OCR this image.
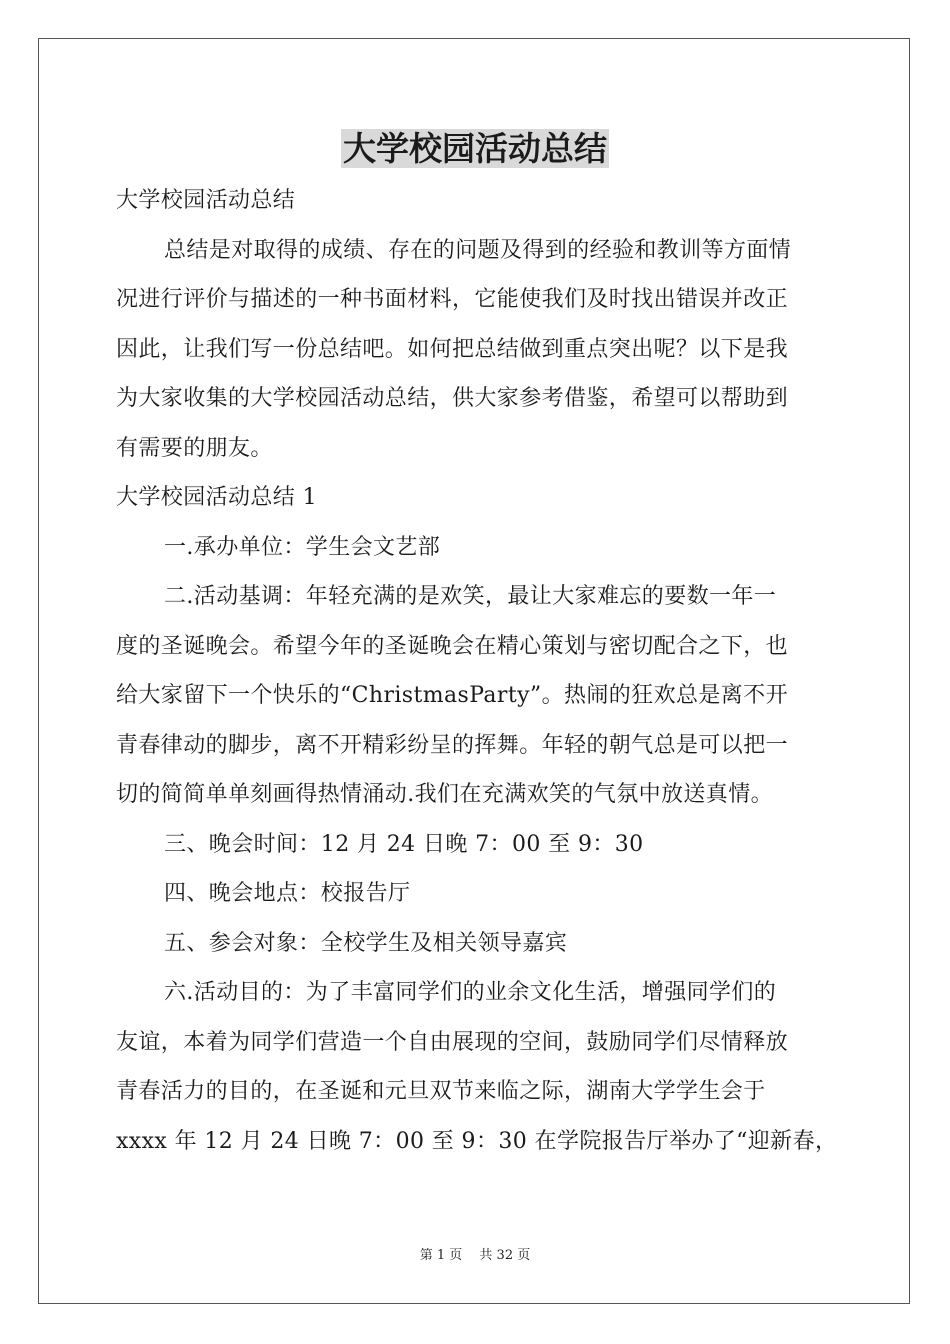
大学校园活动总结
大学校园活动总结
总结是对取得的成绩、存在的问题及得到的经验和教训等方面情
况进行评价与描述的一种书面材料，它能使我们及时找出错误并改正
因此，让我们写一份总结吧。如何把总结做到重点突出呢？以下是我
为大家收集的大学校园活动总结，供大家参考借鉴，希望可以帮助到
有需要的朋友。
大学校园活动总结 1
一.承办单位：学生会文艺部
二.活动基调：年轻充满的是欢笑，最让大家难忘的要数一年一
度的圣诞晚会。希望今年的圣诞晚会在精心策划与密切配合之下，也
给大家留下一个快乐的“ChristmasParty”。热闹的狂欢总是离不开
青春律动的脚步，离不开精彩纷呈的挥舞。年轻的朝气总是可以把一
切的简简单单刻画得热情涌动.我们在充满欢笑的气氛中放送真情。
三、晚会时间：12 月 24 日晚 7：00 至 9：30
四、晚会地点：校报告厅
五、参会对象：全校学生及相关领导嘉宾
六.活动目的：为了丰富同学们的业余文化生活，增强同学们的
友谊，本着为同学们营造一个自由展现的空间，鼓励同学们尽情释放
青春活力的目的，在圣诞和元旦双节来临之际，湖南大学学生会于
xxxx 年 12 月 24 日晚 7：00 至 9：30 在学院报告厅举办了“迎新春，
第 1 页　 共 32 页
